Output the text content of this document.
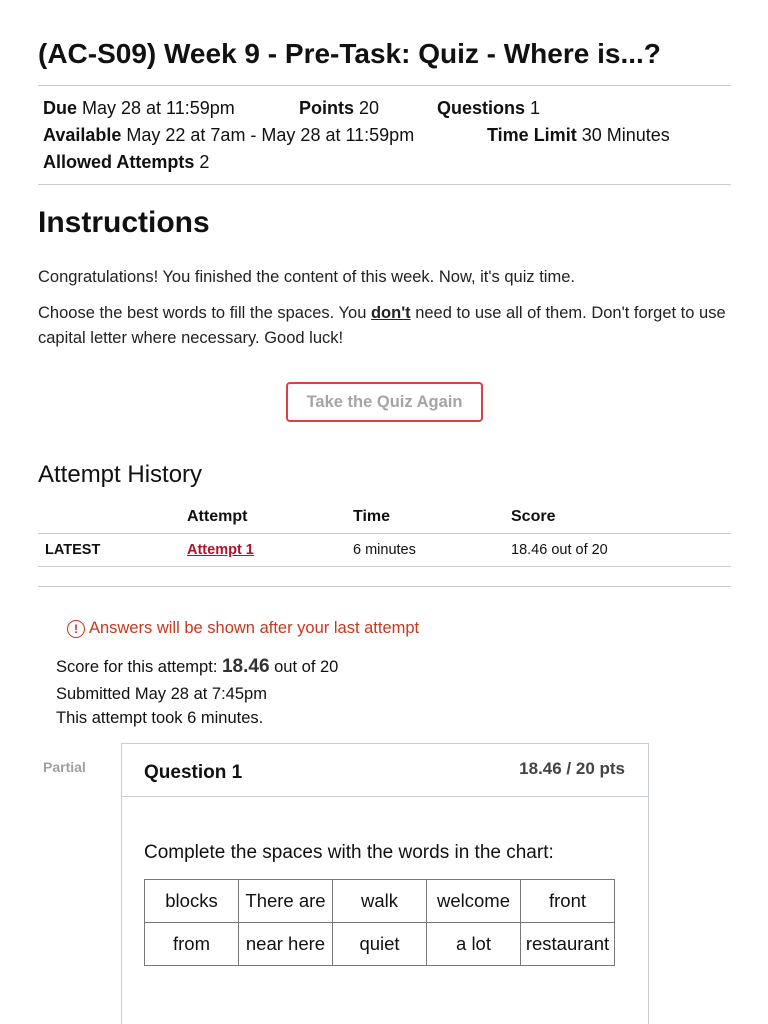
(AC-S09) Week 9 - Pre-Task: Quiz - Where is...?
Due May 28 at 11:59pm	Points 20	Questions 1
Available May 22 at 7am - May 28 at 11:59pm	Time Limit 30 Minutes
Allowed Attempts 2
Instructions
Congratulations! You finished the content of this week. Now, it's quiz time.
Choose the best words to fill the spaces. You don't need to use all of them. Don't forget to use capital letter where necessary. Good luck!
Take the Quiz Again
Attempt History
	Attempt	Time	Score
LATEST	Attempt 1	6 minutes	18.46 out of 20
! Answers will be shown after your last attempt
Score for this attempt: 18.46 out of 20
Submitted May 28 at 7:45pm
This attempt took 6 minutes.
Partial	Question 1	18.46 / 20 pts
Complete the spaces with the words in the chart:
blocks	There are	walk	welcome	front
from	near here	quiet	a lot	restaurant
